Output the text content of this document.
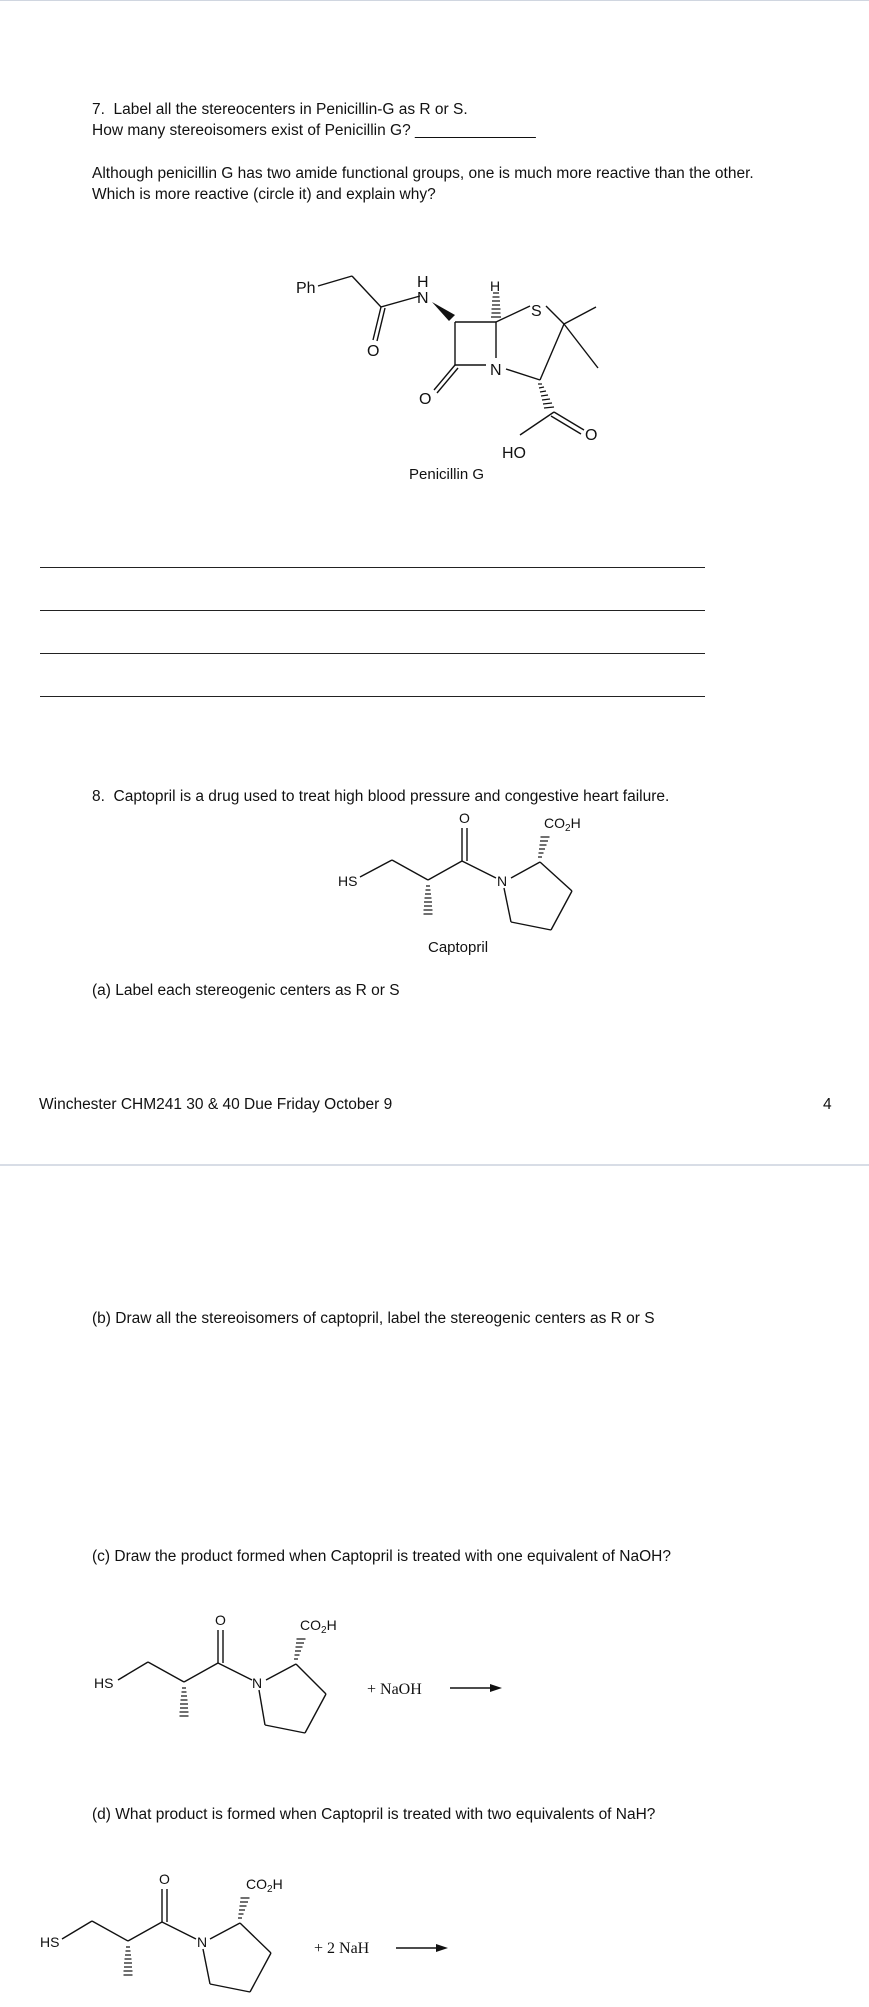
7.  Label all the stereocenters in Penicillin-G as R or S.
How many stereoisomers exist of Penicillin G? ______________
Although penicillin G has two amide functional groups, one is much more reactive than the other.
Which is more reactive (circle it) and explain why?
Ph	H
N
H
S
N
O
O
O
HO
Penicillin G
8.  Captopril is a drug used to treat high blood pressure and congestive heart failure.
HS
O
N
$CO_2H$
Captopril
(a) Label each stereogenic centers as R or S
Winchester CHM241 30 & 40 Due Friday October 9	4
(b) Draw all the stereoisomers of captopril, label the stereogenic centers as R or S
(c) Draw the product formed when Captopril is treated with one equivalent of NaOH?
HS
O
N
$CO_2H$
+ NaOH
(d) What product is formed when Captopril is treated with two equivalents of NaH?
HS
O
N
$CO_2H$
+ 2 NaH
